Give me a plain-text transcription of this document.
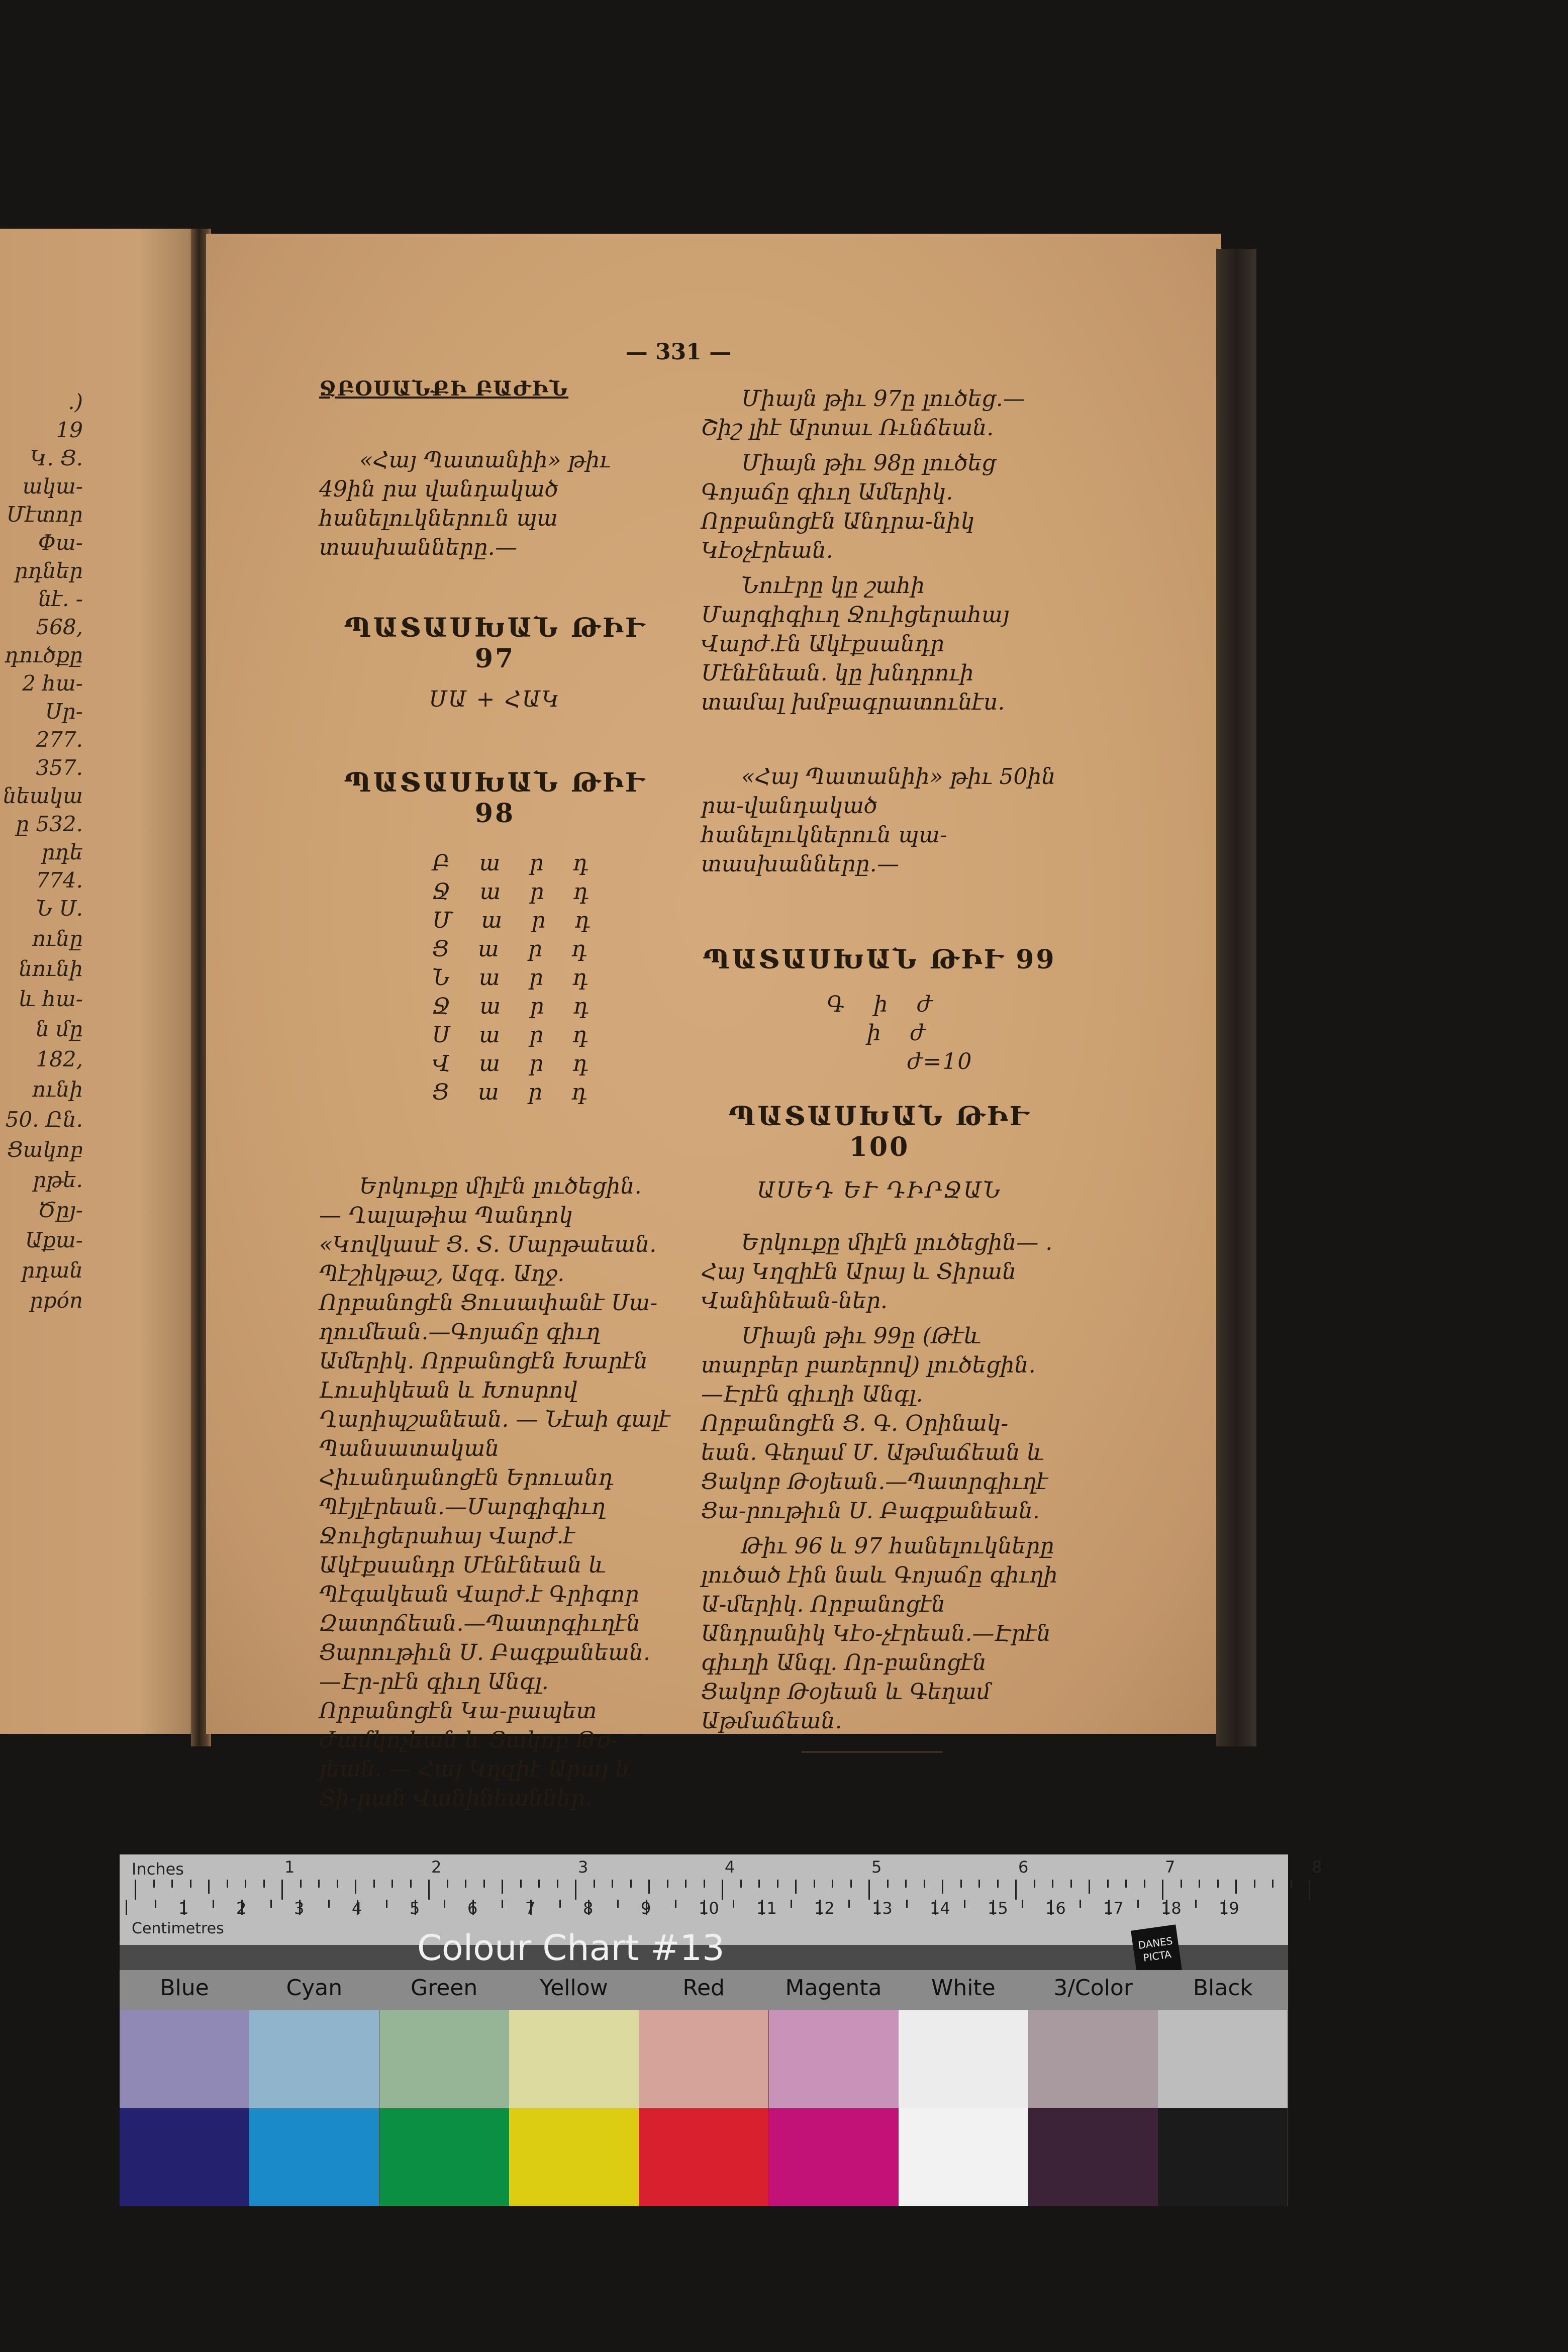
.)
19
Կ. Ց.
ակա-
Մէտոր
Փա-
րդներ
նէ. -
568,
դուծքը
2 հա-
Սր-
277.
357.
նեակա
ը 532.
րդե
774.
Ն Ս.
ունը
նունի
և հա-
ն մը
182,
ունի
50. Ըն.
Ցակոբ
րթե.
Ծըյ-
Աքա-
րդան
րpóп
— 331 —
ՋԲՕՍԱՆՔԻ ԲԱԺԻՆ
«Հայ Պատանիի» թիւ 49ին րա վանդակած հանելուկներուն պա տասխանները․—
ՊԱՏԱՍԽԱՆ ԹԻՒ 97
ՍԱ + ՀԱԿ
ՊԱՏԱՍԽԱՆ ԹԻՒ 98
Բ ա ր դ
Ջ ա ր դ
Մ ա ր դ
Ց ա ր դ
Ն ա ր դ
Ջ ա ր դ
Ս ա ր դ
Վ ա ր դ
Ց ա ր դ
Երկուքը միլէն լուծեցին․ — Ղալաթիա Պանդոկ «Կովկասէ Ց. Տ. Մարթաեան. Պէշիկթաշ, Ազգ. Աղջ. Որբանոցէն Ցուսափանէ Սա-ղումեան.—Գոյաճը գիւղ Ամերիկ. Որբանոցէն Խարէն Լուսիկեան և Խոսրով Ղարիպշանեան. — Նէաի գալէ Պանսատական Հիւանդանոցէն Երուանդ Պէյլէրեան.—Մարգիգիւղ Ջուիցերահայ Վարժ.է Ակէքսանդր Մէնէնեան և Պէգակեան Վարժ.է Գրիգոր Զատրճեան.—Պատրգիւղէն Ցարութիւն Ս. Բագքանեան.—Էր-րէն գիւղ Անգլ. Որբանոցէն Կա-բապետ Ժամկոչեան և Ցակոբ Թօ-յեան. — Հայ Կղզիէ Արայ և Տի-րան Վանինեաններ.
Միայն թիւ 97ը լուծեց.—Շիշ լիէ Արտաւ Ռւնճեան.
Միայն թիւ 98ը լուծեց Գոյաճը գիւղ Ամերիկ. Որբանոցէն Անդրա-նիկ Կէօչէրեան.
Նուէրը կը շահի Մարգիգիւղ Ջուիցերահայ Վարժ.էն Ակէքսանդր Մէնէնեան. կը խնդրուի տամալ խմբագրատունէս.
«Հայ Պատանիի» թիւ 50ին րա-վանդակած հանելուկներուն պա-տասխանները․—
ՊԱՏԱՍԽԱՆ ԹԻՒ 99
Գ ի ժ
ի ժ
ժ=10
ՊԱՏԱՍԽԱՆ ԹԻՒ 100
ԱՍԵԴ ԵՒ ԴԻՐՋԱՆ
Երկուքը միլէն լուծեցին— . Հայ Կղզիէն Արայ և Տիրան Վանինեան-ներ.
Միայն թիւ 99ը (Թէև տարբեր բառերով) լուծեցին․—Էրէն գիւղի Անգլ. Որբանոցէն Ց. Գ. Օրինակ-եան. Գեղամ Մ. Աթմաճեան և Ցակոբ Թօյեան.—Պատրգիւղէ Ցա-րութիւն Ս. Բագքանեան.
Թիւ 96 և 97 հանելուկները լուծած էին նաև Գոյաճը գիւղի Ա-մերիկ. Որբանոցէն Անդրանիկ Կէօ-չէրեան.—Էրէն գիւղի Անգլ. Որ-բանոցէն Ցակոբ Թօյեան և Գեղամ Աթմաճեան.
Inches
Centimetres
1	2	3	4	5	6	7	8
1	2	3	4	5	6	7	8	9	10 11 12 13 14 15 16 17 18 19
Colour Chart #13	DANES PICTA
Blue	Cyan	Green	Yellow	Red	Magenta	White	3/Color	Black
